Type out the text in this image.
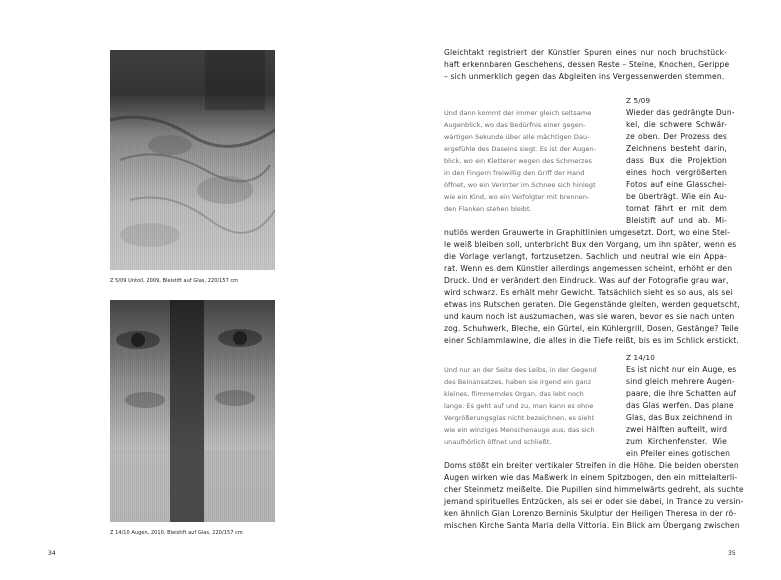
Z 5/09 Untoll, 2009, Bleistift auf Glas, 220/157 cm
Z 14/10 Augen, 2010, Bleistift auf Glas, 220/157 cm
34
Gleichtakt registriert der Künstler Spuren eines nur noch bruchstück-
haft erkennbaren Geschehens, dessen Reste – Steine, Knochen, Gerippe
– sich unmerklich gegen das Abgleiten ins Vergessenwerden stemmen.
Und dann kommt der immer gleich seltsame
Augenblick, wo das Bedürfnis einer gegen-
wärtigen Sekunde über alle mächtigen Dau-
ergefühle des Daseins siegt. Es ist der Augen-
blick, wo ein Kletterer wegen des Schmerzes
in den Fingern freiwillig den Griff der Hand
öffnet, wo ein Verirrter im Schnee sich hinlegt
wie ein Kind, wo ein Verfolgter mit brennen-
den Flanken stehen bleibt.
Z 5/09
Wieder das gedrängte Dun-
kel, die schwere Schwär-
ze oben. Der Prozess des
Zeichnens besteht darin,
dass Bux die Projektion
eines hoch vergrößerten
Fotos auf eine Glasschei-
be überträgt. Wie ein Au-
tomat fährt er mit dem
Bleistift auf und ab. Mi-
nutiös werden Grauwerte in Graphitlinien umgesetzt. Dort, wo eine Stel-
le weiß bleiben soll, unterbricht Bux den Vorgang, um ihn später, wenn es
die Vorlage verlangt, fortzusetzen. Sachlich und neutral wie ein Appa-
rat. Wenn es dem Künstler allerdings angemessen scheint, erhöht er den
Druck. Und er verändert den Eindruck. Was auf der Fotografie grau war,
wird schwarz. Es erhält mehr Gewicht. Tatsächlich sieht es so aus, als sei
etwas ins Rutschen geraten. Die Gegenstände gleiten, werden gequetscht,
und kaum noch ist auszumachen, was sie waren, bevor es sie nach unten
zog. Schuhwerk, Bleche, ein Gürtel, ein Kühlergrill, Dosen, Gestänge? Teile
einer Schlammlawine, die alles in die Tiefe reißt, bis es im Schlick erstickt.
Und nur an der Seite des Leibs, in der Gegend
des Beinansatzes, haben sie irgend ein ganz
kleines, flimmerndes Organ, das lebt noch
lange. Es geht auf und zu, man kann es ohne
Vergrößerungsglas nicht bezeichnen, es sieht
wie ein winziges Menschenauge aus, das sich
unaufhörlich öffnet und schließt.
Z 14/10
Es ist nicht nur ein Auge, es
sind gleich mehrere Augen-
paare, die ihre Schatten auf
das Glas werfen. Das plane
Glas, das Bux zeichnend in
zwei Hälften aufteilt, wird
zum Kirchenfenster. Wie
ein Pfeiler eines gotischen
Doms stößt ein breiter vertikaler Streifen in die Höhe. Die beiden obersten
Augen wirken wie das Maßwerk in einem Spitzbogen, den ein mittelalterli-
cher Steinmetz meißelte. Die Pupillen sind himmelwärts gedreht, als suchte
jemand spirituelles Entzücken, als sei er oder sie dabei, in Trance zu versin-
ken ähnlich Gian Lorenzo Berninis Skulptur der Heiligen Theresa in der rö-
mischen Kirche Santa Maria della Vittoria. Ein Blick am Übergang zwischen
35
